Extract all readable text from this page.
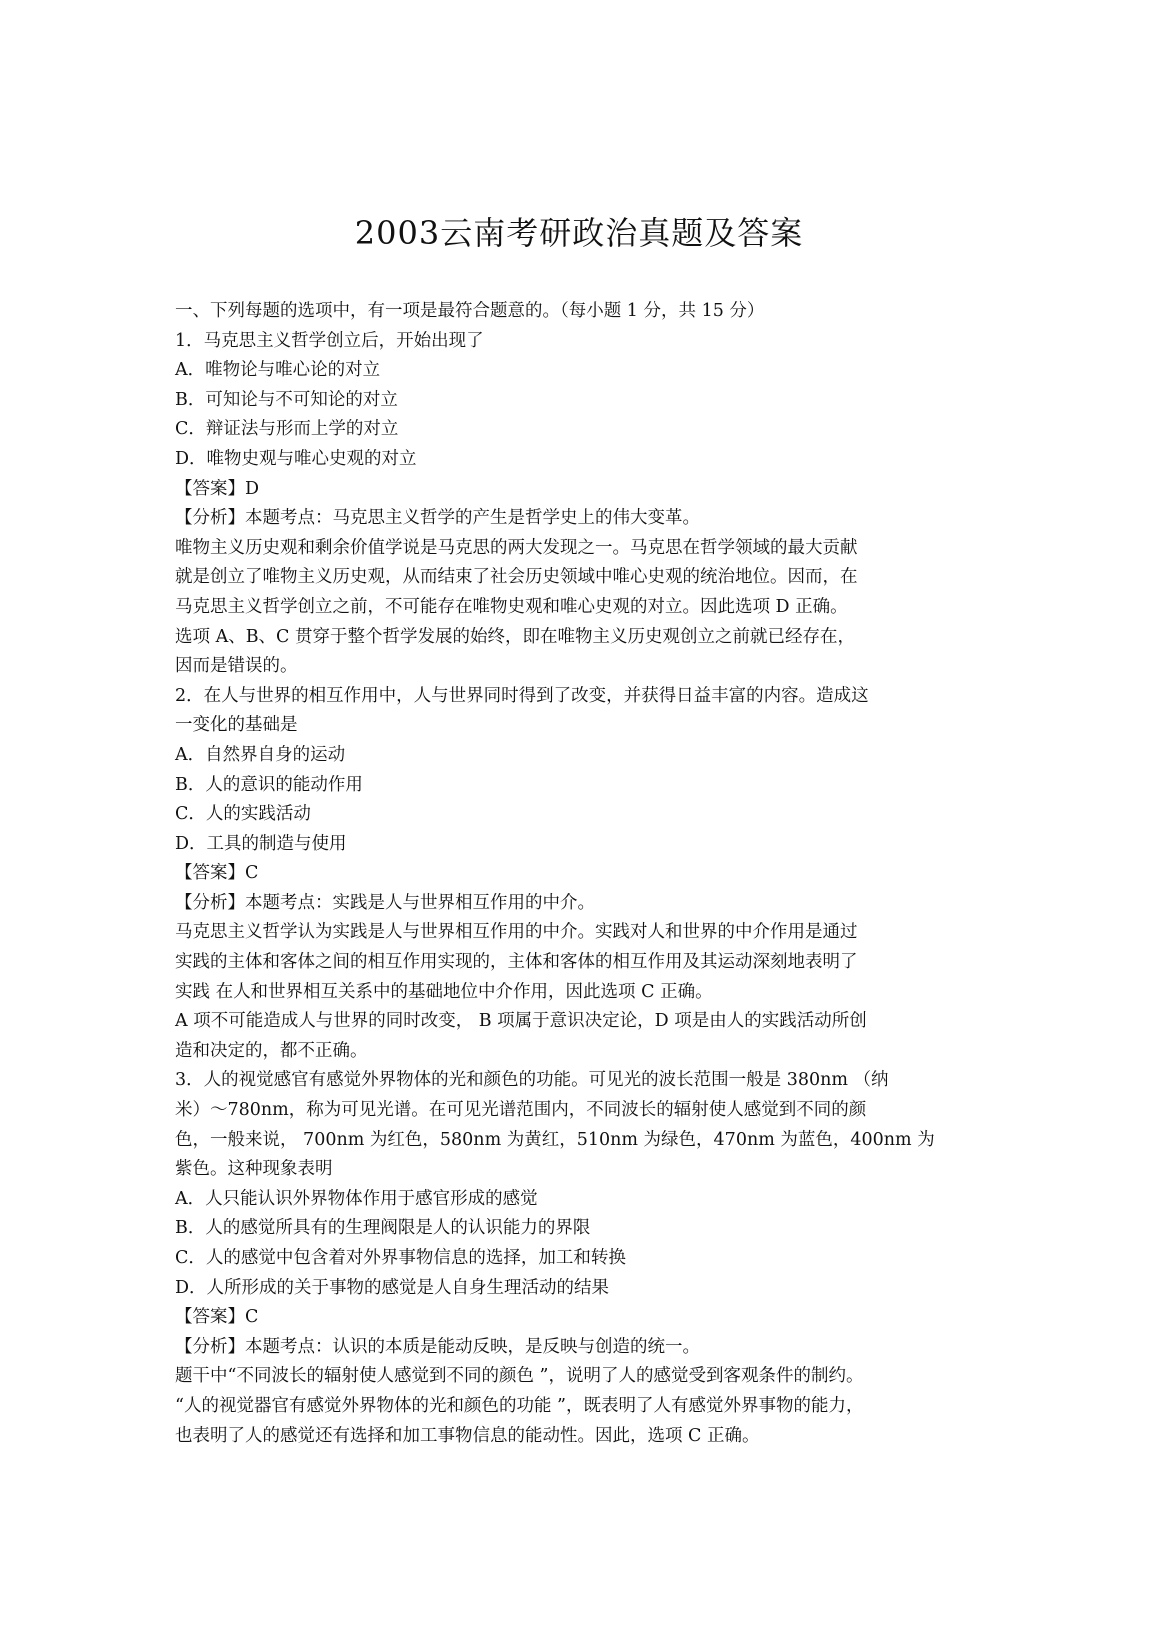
2003云南考研政治真题及答案
一、下列每题的选项中，有一项是最符合题意的。（每小题 1 分，共 15 分）
1．马克思主义哲学创立后，开始出现了
A．唯物论与唯心论的对立
B．可知论与不可知论的对立
C．辩证法与形而上学的对立
D．唯物史观与唯心史观的对立
【答案】D
【分析】本题考点：马克思主义哲学的产生是哲学史上的伟大变革。
唯物主义历史观和剩余价值学说是马克思的两大发现之一。马克思在哲学领域的最大贡献
就是创立了唯物主义历史观，从而结束了社会历史领域中唯心史观的统治地位。因而，在
马克思主义哲学创立之前，不可能存在唯物史观和唯心史观的对立。因此选项 D 正确。
选项 A、B、C 贯穿于整个哲学发展的始终，即在唯物主义历史观创立之前就已经存在，
因而是错误的。
2．在人与世界的相互作用中，人与世界同时得到了改变，并获得日益丰富的内容。造成这
一变化的基础是
A．自然界自身的运动
B．人的意识的能动作用
C．人的实践活动
D．工具的制造与使用
【答案】C
【分析】本题考点：实践是人与世界相互作用的中介。
马克思主义哲学认为实践是人与世界相互作用的中介。实践对人和世界的中介作用是通过
实践的主体和客体之间的相互作用实现的，主体和客体的相互作用及其运动深刻地表明了
实践 在人和世界相互关系中的基础地位中介作用，因此选项 C 正确。
A 项不可能造成人与世界的同时改变， B 项属于意识决定论，D 项是由人的实践活动所创
造和决定的，都不正确。
3．人的视觉感官有感觉外界物体的光和颜色的功能。可见光的波长范围一般是 380nm （纳
米）～780nm，称为可见光谱。在可见光谱范围内，不同波长的辐射使人感觉到不同的颜
色，一般来说， 700nm 为红色，580nm 为黄红，510nm 为绿色，470nm 为蓝色，400nm 为
紫色。这种现象表明
A．人只能认识外界物体作用于感官形成的感觉
B．人的感觉所具有的生理阀限是人的认识能力的界限
C．人的感觉中包含着对外界事物信息的选择，加工和转换
D．人所形成的关于事物的感觉是人自身生理活动的结果
【答案】C
【分析】本题考点：认识的本质是能动反映，是反映与创造的统一。
题干中“不同波长的辐射使人感觉到不同的颜色 ”，说明了人的感觉受到客观条件的制约。
“人的视觉器官有感觉外界物体的光和颜色的功能 ”，既表明了人有感觉外界事物的能力，
也表明了人的感觉还有选择和加工事物信息的能动性。因此，选项 C 正确。
